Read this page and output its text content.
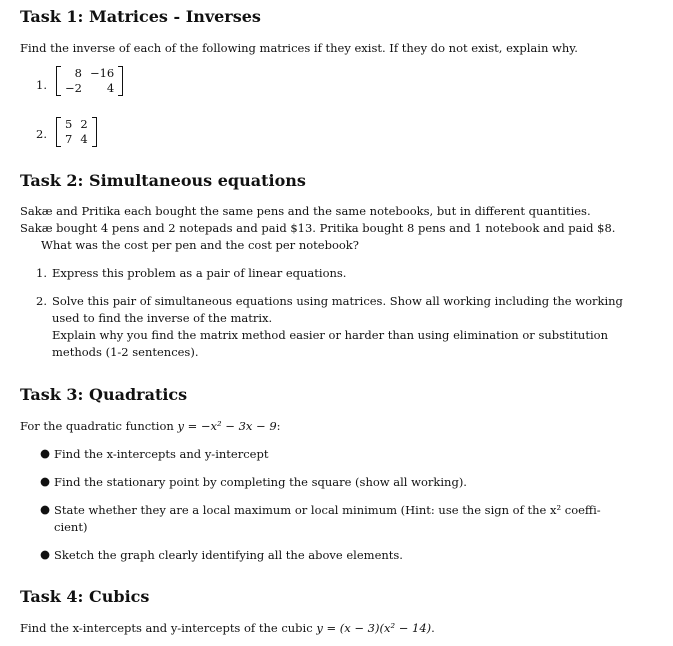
Task 1: Matrices - Inverses

Find the inverse of each of the following matrices if they exist. If they do not exist, explain why.

1.
8	−16
−2	4
2.
5	2
7	4
Task 2: Simultaneous equations

Sakæ and Pritika each bought the same pens and the same notebooks, but in different quantities.

Sakæ bought 4 pens and 2 notepads and paid $13. Pritika bought 8 pens and 1 notebook and paid $8.

What was the cost per pen and the cost per notebook?

1. Express this problem as a pair of linear equations.
2. Solve this pair of simultaneous equations using matrices. Show all working including the working
used to find the inverse of the matrix.
Explain why you find the matrix method easier or harder than using elimination or substitution
methods (1-2 sentences).
Task 3: Quadratics

For the quadratic function y = −x² − 3x − 9:

● Find the x-intercepts and y-intercept
● Find the stationary point by completing the square (show all working).
● State whether they are a local maximum or local minimum (Hint: use the sign of the x² coeffi-
cient)
● Sketch the graph clearly identifying all the above elements.
Task 4: Cubics

Find the x-intercepts and y-intercepts of the cubic y = (x − 3)(x² − 14).
